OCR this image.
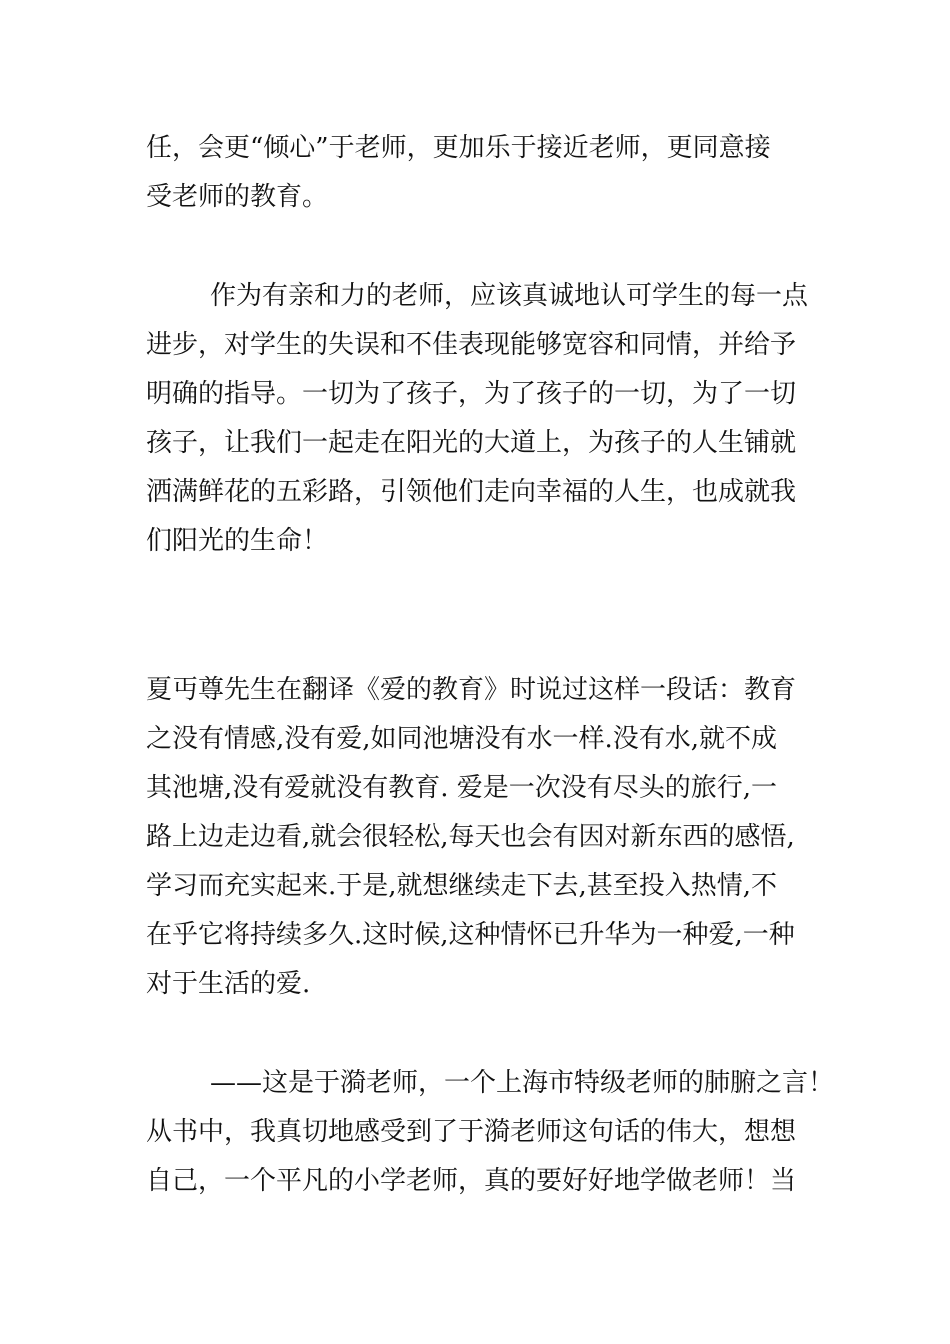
任，会更“倾心”于老师，更加乐于接近老师，更同意接
受老师的教育。
作为有亲和力的老师，应该真诚地认可学生的每一点
进步，对学生的失误和不佳表现能够宽容和同情，并给予
明确的指导。一切为了孩子，为了孩子的一切，为了一切
孩子，让我们一起走在阳光的大道上，为孩子的人生铺就
洒满鲜花的五彩路，引领他们走向幸福的人生，也成就我
们阳光的生命！
夏丏尊先生在翻译《爱的教育》时说过这样一段话：教育
之没有情感,没有爱,如同池塘没有水一样.没有水,就不成
其池塘,没有爱就没有教育. 爱是一次没有尽头的旅行,一
路上边走边看,就会很轻松,每天也会有因对新东西的感悟,
学习而充实起来.于是,就想继续走下去,甚至投入热情,不
在乎它将持续多久.这时候,这种情怀已升华为一种爱,一种
对于生活的爱.
——这是于漪老师，一个上海市特级老师的肺腑之言！
从书中，我真切地感受到了于漪老师这句话的伟大，想想
自己，一个平凡的小学老师，真的要好好地学做老师！当
